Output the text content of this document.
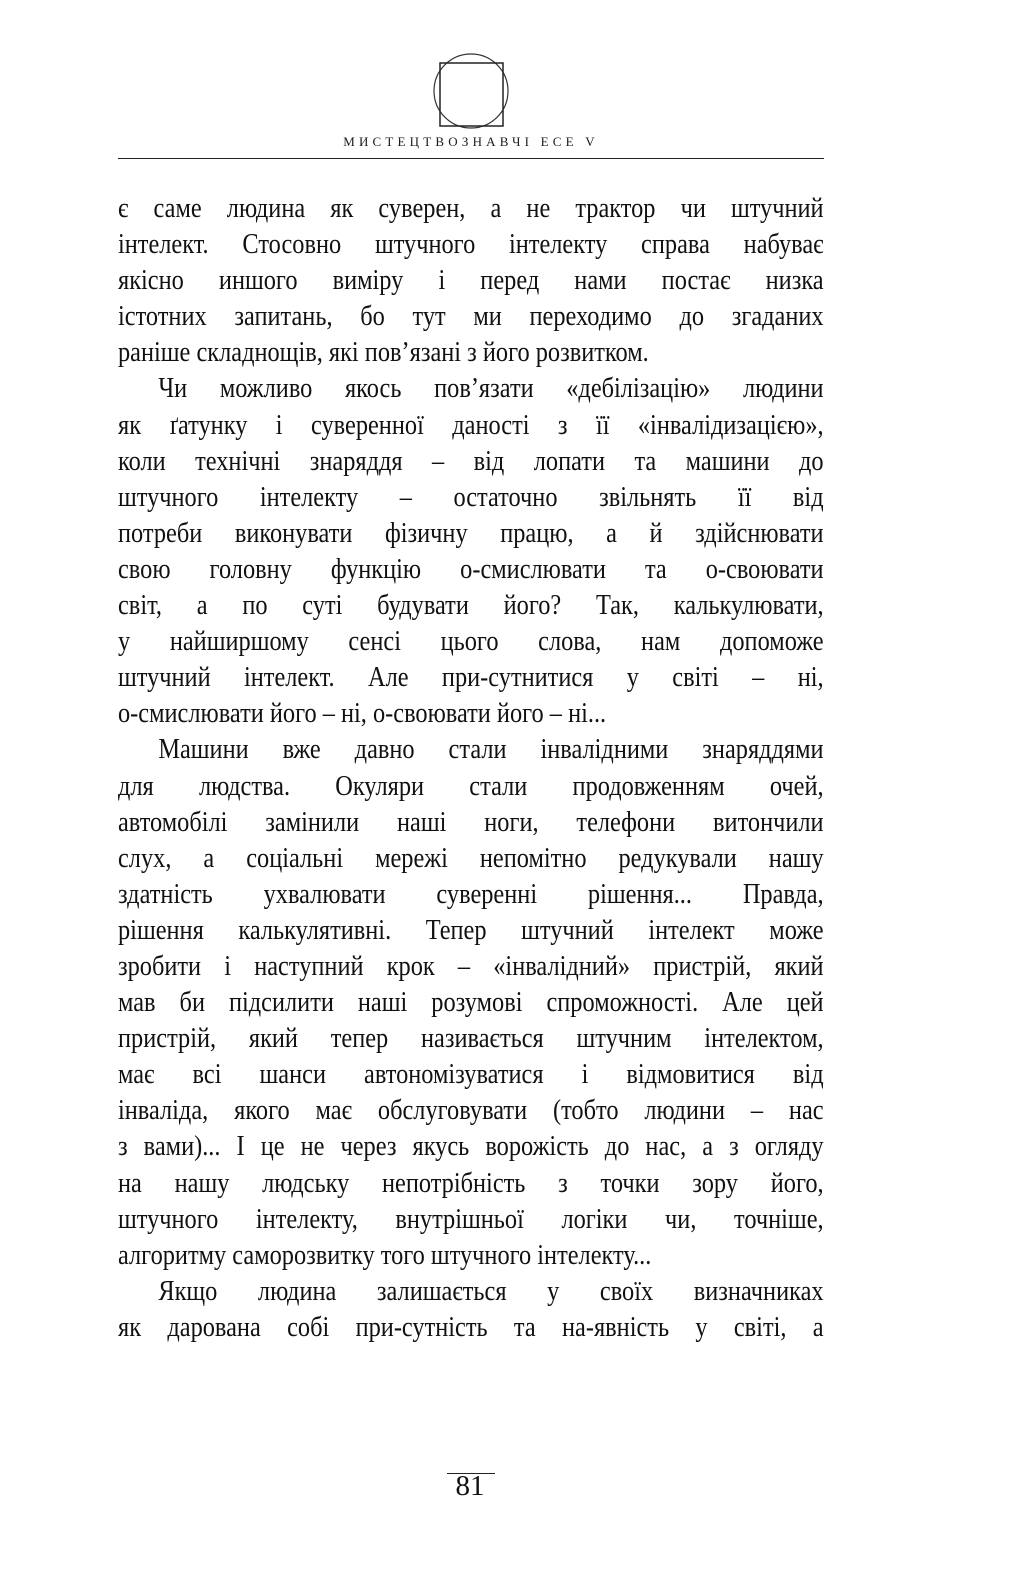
МИСТЕЦТВОЗНАВЧІ ЕСЕ V
є саме людина як суверен, а не трактор чи штучний
інтелект. Стосовно штучного інтелекту справа набуває
якісно иншого виміру і перед нами постає низка
істотних запитань, бо тут ми переходимо до згаданих
раніше складнощів, які пов’язані з його розвитком.
Чи можливо якось пов’язати «дебілізацію» людини
як ґатунку і суверенної даності з її «інвалідизацією»,
коли технічні знаряддя – від лопати та машини до
штучного інтелекту – остаточно звільнять її від
потреби виконувати фізичну працю, а й здійснювати
свою головну функцію о-смислювати та о-своювати
світ, а по суті будувати його? Так, калькулювати,
у найширшому сенсі цього слова, нам допоможе
штучний інтелект. Але при-сутнитися у світі – ні,
о-смислювати його – ні, о-своювати його – ні...
Машини вже давно стали інвалідними знаряддями
для людства. Окуляри стали продовженням очей,
автомобілі замінили наші ноги, телефони витончили
слух, а соціальні мережі непомітно редукували нашу
здатність ухвалювати суверенні рішення... Правда,
рішення калькулятивні. Тепер штучний інтелект може
зробити і наступний крок – «інвалідний» пристрій, який
мав би підсилити наші розумові спроможності. Але цей
пристрій, який тепер називається штучним інтелектом,
має всі шанси автономізуватися і відмовитися від
інваліда, якого має обслуговувати (тобто людини – нас
з вами)... І це не через якусь ворожість до нас, а з огляду
на нашу людську непотрібність з точки зору його,
штучного інтелекту, внутрішньої логіки чи, точніше,
алгоритму саморозвитку того штучного інтелекту...
Якщо людина залишається у своїх визначниках
як дарована собі при-сутність та на-явність у світі, а
81
